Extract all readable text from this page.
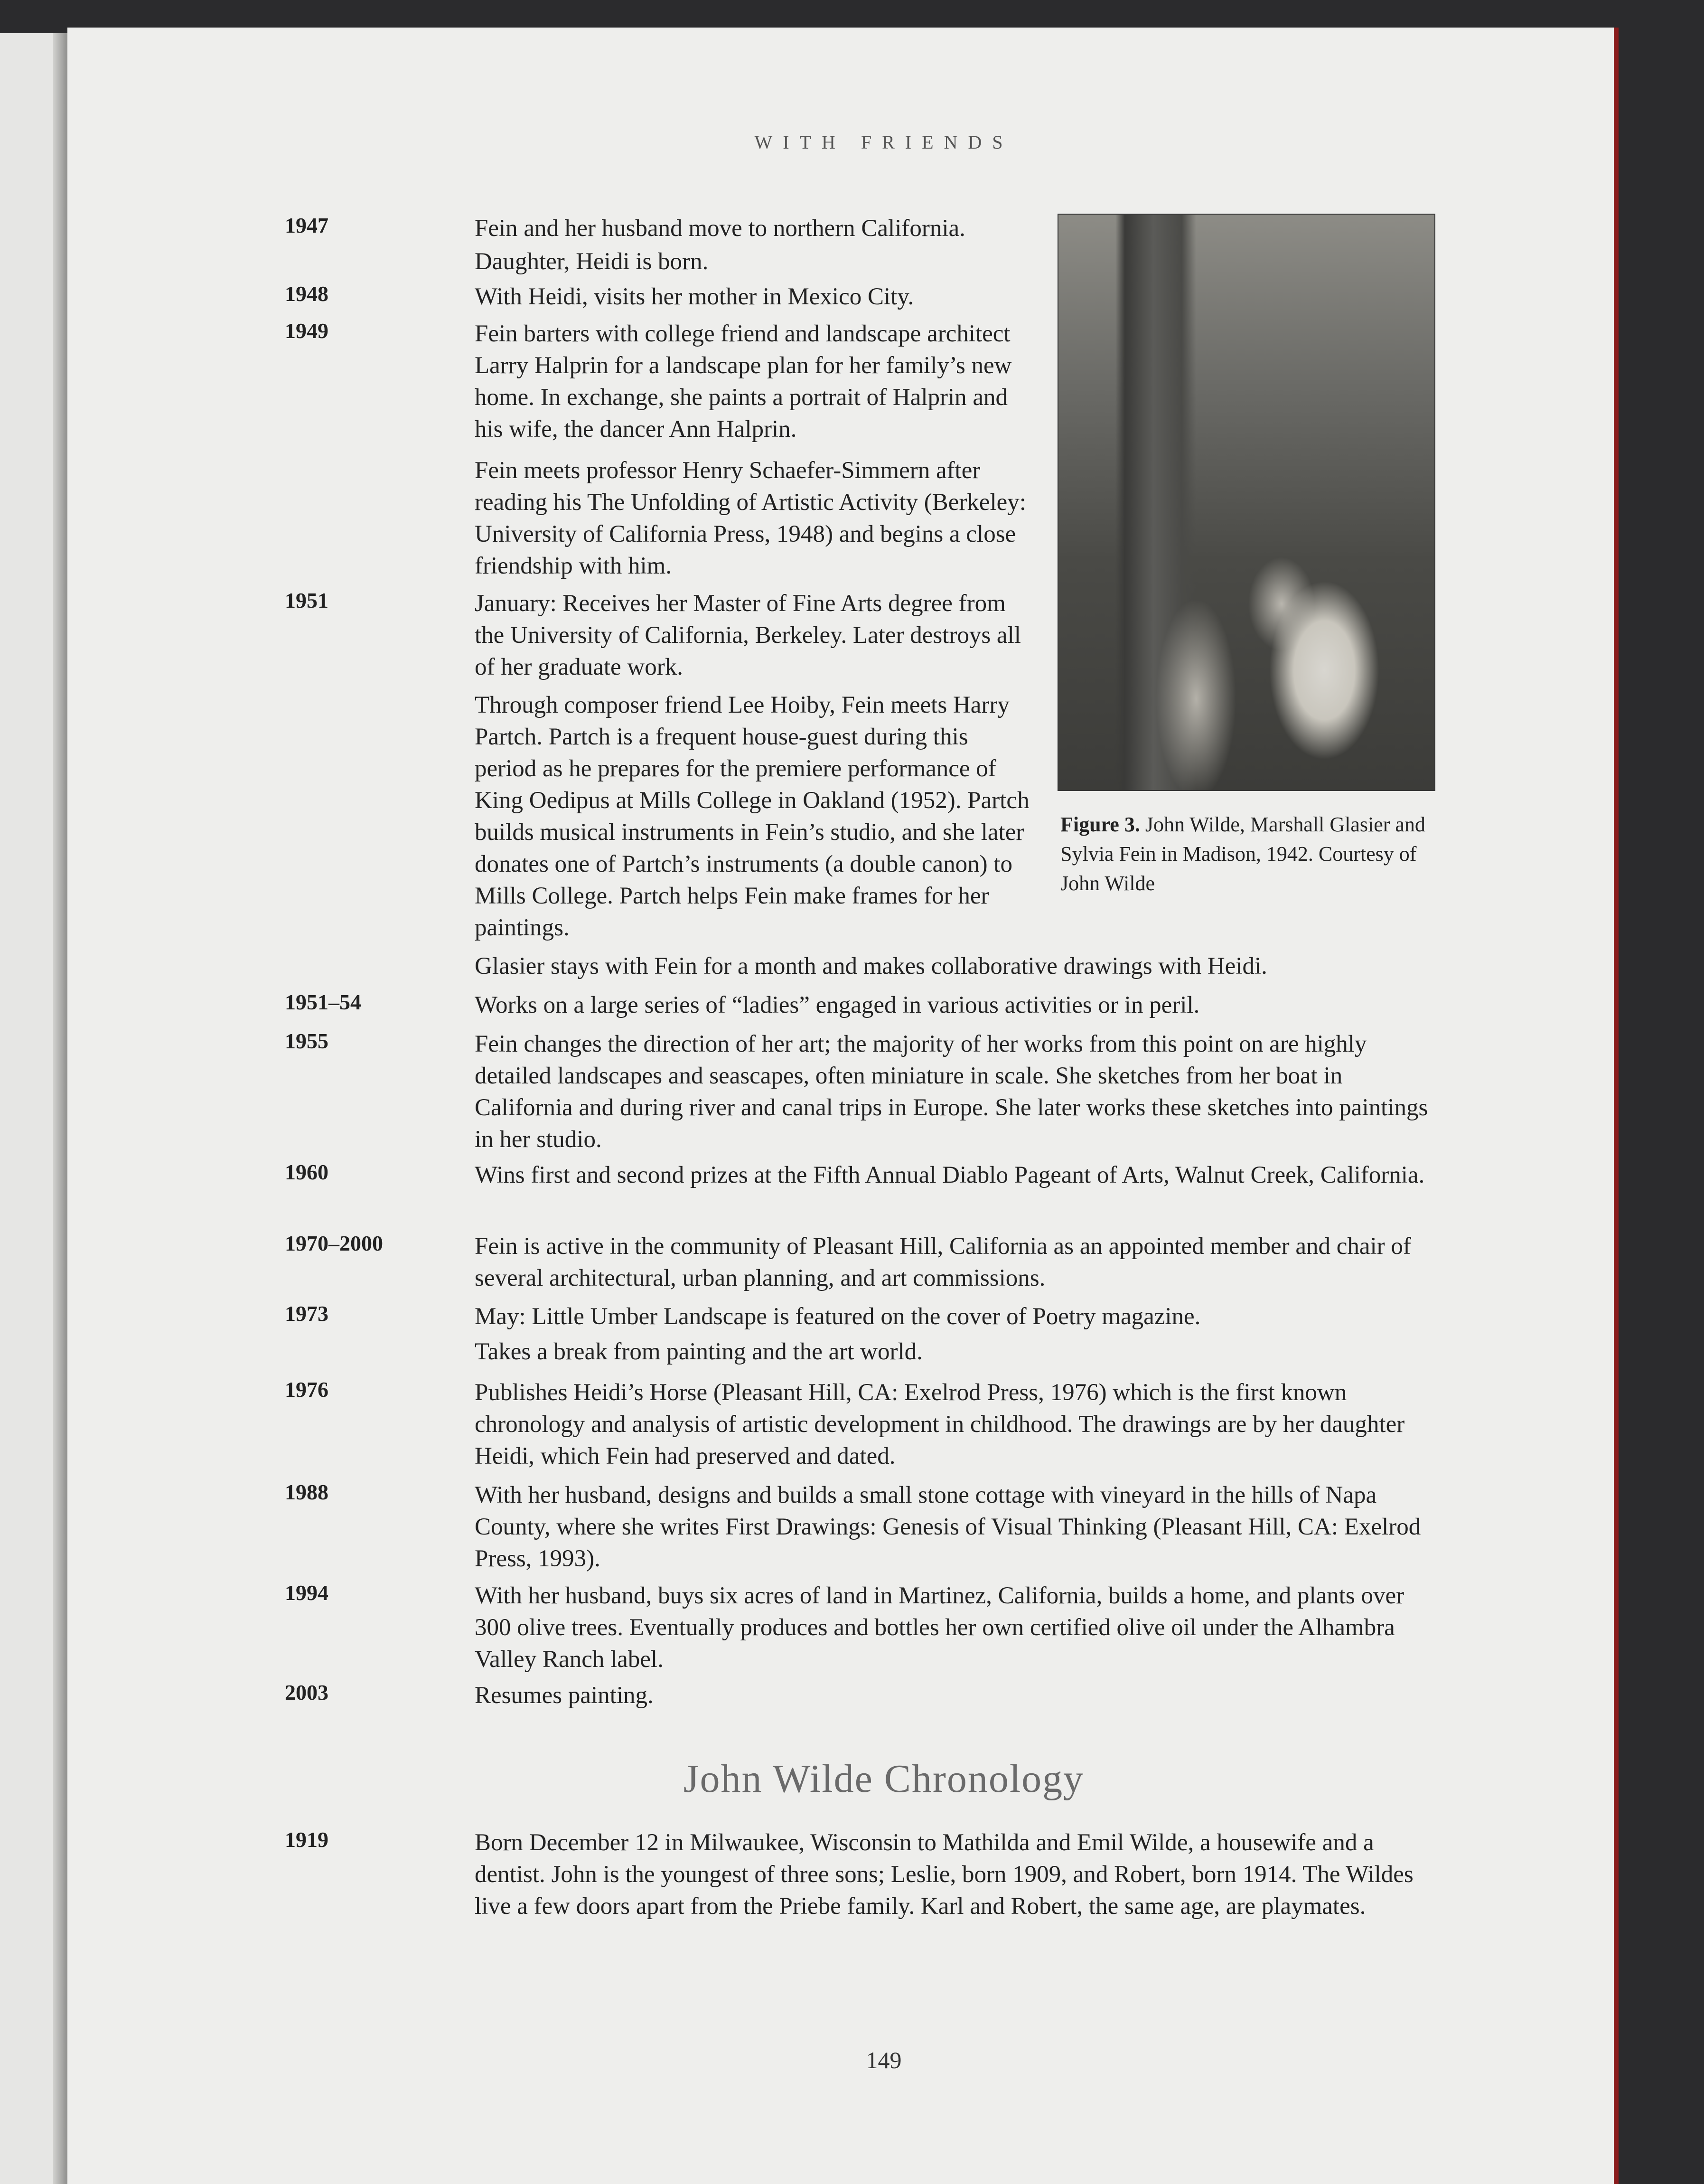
WITH FRIENDS
Figure 3. John Wilde, Marshall Glasier and Sylvia Fein in Madison, 1942. Courtesy of John Wilde
1947	Fein and her husband move to northern California.
Daughter, Heidi is born.
1948	With Heidi, visits her mother in Mexico City.
1949	Fein barters with college friend and landscape architect Larry Halprin for a landscape plan for her family’s new home. In exchange, she paints a portrait of Halprin and his wife, the dancer Ann Halprin.
Fein meets professor Henry Schaefer-Simmern after reading his The Unfolding of Artistic Activity (Berkeley: University of California Press, 1948) and begins a close friendship with him.
1951	January: Receives her Master of Fine Arts degree from the University of California, Berkeley. Later destroys all of her graduate work.
Through composer friend Lee Hoiby, Fein meets Harry Partch. Partch is a frequent house-guest during this period as he prepares for the premiere performance of King Oedipus at Mills College in Oakland (1952). Partch builds musical instruments in Fein’s studio, and she later donates one of Partch’s instruments (a double canon) to Mills College. Partch helps Fein make frames for her paintings.
Glasier stays with Fein for a month and makes collaborative drawings with Heidi.
1951–54	Works on a large series of “ladies” engaged in various activities or in peril.
1955	Fein changes the direction of her art; the majority of her works from this point on are highly detailed landscapes and seascapes, often miniature in scale. She sketches from her boat in California and during river and canal trips in Europe. She later works these sketches into paintings in her studio.
1960	Wins first and second prizes at the Fifth Annual Diablo Pageant of Arts, Walnut Creek, California.
1970–2000	Fein is active in the community of Pleasant Hill, California as an appointed member and chair of several architectural, urban planning, and art commissions.
1973	May: Little Umber Landscape is featured on the cover of Poetry magazine.
Takes a break from painting and the art world.
1976	Publishes Heidi’s Horse (Pleasant Hill, CA: Exelrod Press, 1976) which is the first known chronology and analysis of artistic development in childhood. The drawings are by her daughter Heidi, which Fein had preserved and dated.
1988	With her husband, designs and builds a small stone cottage with vineyard in the hills of Napa County, where she writes First Drawings: Genesis of Visual Thinking (Pleasant Hill, CA: Exelrod Press, 1993).
1994	With her husband, buys six acres of land in Martinez, California, builds a home, and plants over 300 olive trees. Eventually produces and bottles her own certified olive oil under the Alhambra Valley Ranch label.
2003	Resumes painting.
John Wilde Chronology
1919	Born December 12 in Milwaukee, Wisconsin to Mathilda and Emil Wilde, a housewife and a dentist. John is the youngest of three sons; Leslie, born 1909, and Robert, born 1914. The Wildes live a few doors apart from the Priebe family. Karl and Robert, the same age, are playmates.
149
